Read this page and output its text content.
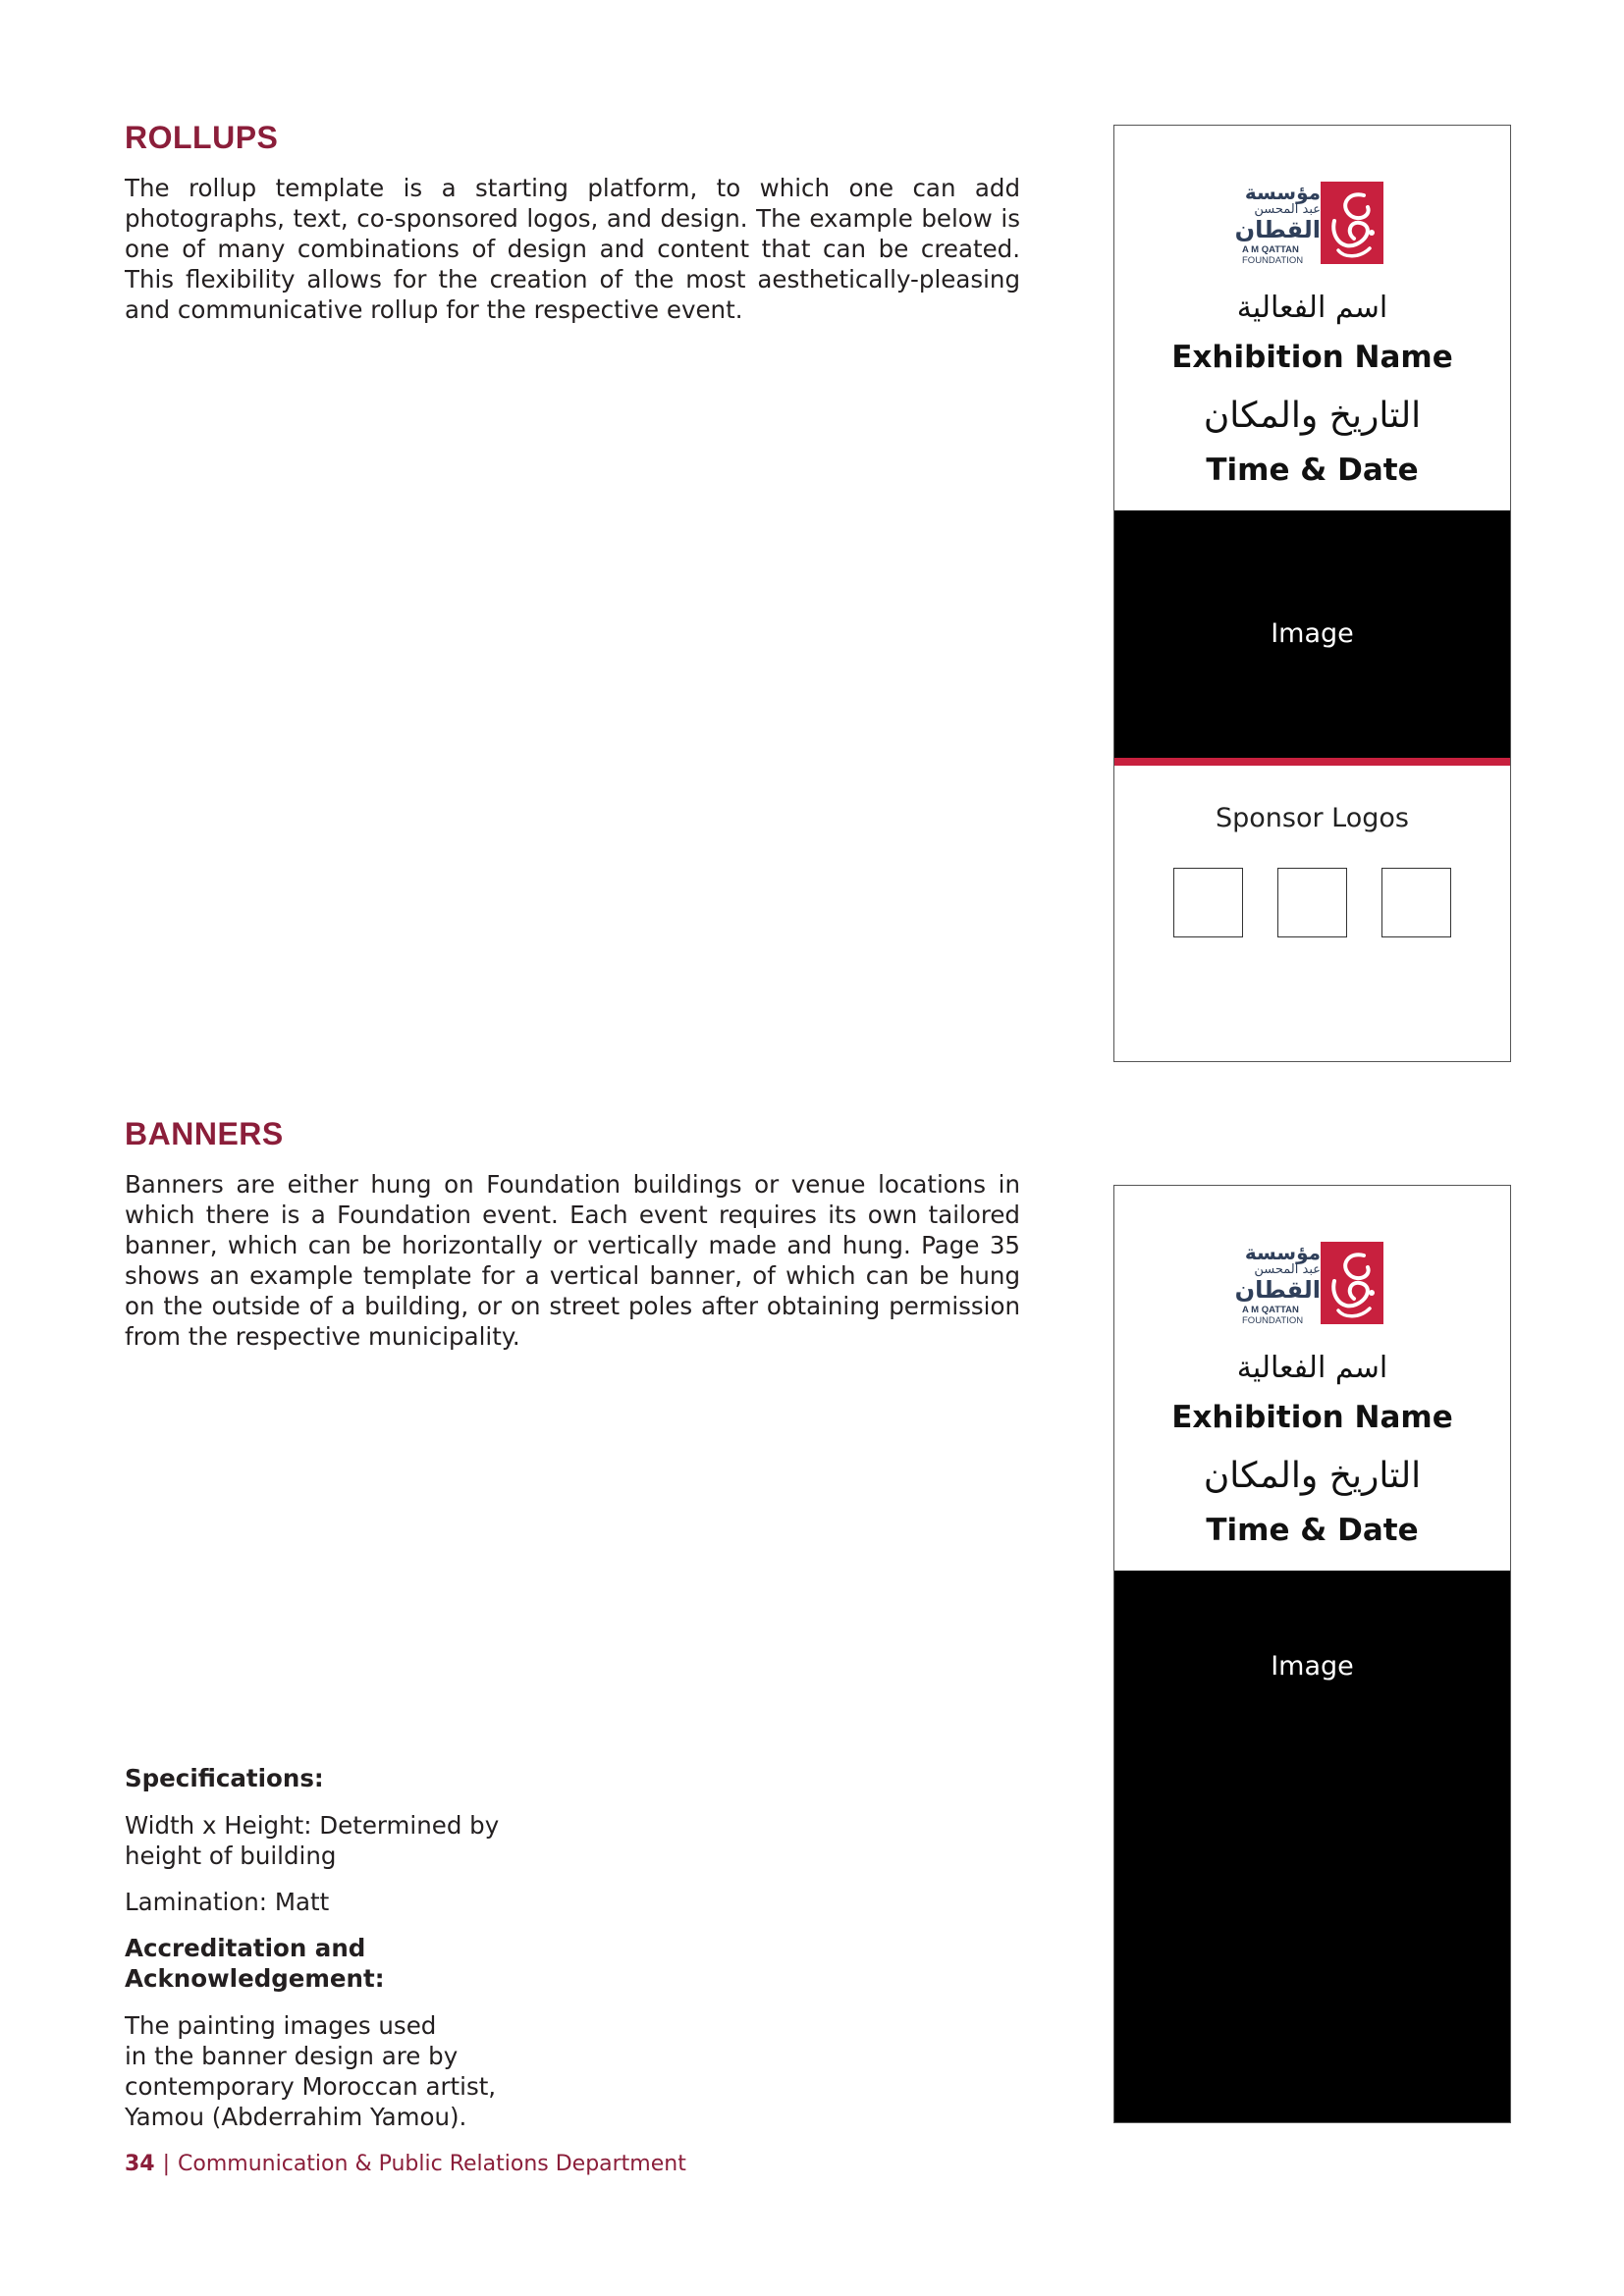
ROLLUPS

The rollup template is a starting platform, to which one can add photographs, text, co-sponsored logos, and design. The example below is one of many combinations of design and content that can be created. This flexibility allows for the creation of the most aesthetically-pleasing and communicative rollup for the respective event.

مؤسسة
عبد المحسن
القطان
A M QATTAN
FOUNDATION
اسم الفعالية
Exhibition Name
التاريخ والمكان
Time & Date
Image
Sponsor Logos
BANNERS

Banners are either hung on Foundation buildings or venue locations in which there is a Foundation event. Each event requires its own tailored banner, which can be horizontally or vertically made and hung. Page 35 shows an example template for a vertical banner, of which can be hung on the outside of a building, or on street poles after obtaining permission from the respective municipality.

مؤسسة
عبد المحسن
القطان
A M QATTAN
FOUNDATION
اسم الفعالية
Exhibition Name
التاريخ والمكان
Time & Date
Image
Specifications:
Width x Height: Determined by
height of building
Lamination: Matt
Accreditation and
Acknowledgement:
The painting images used
in the banner design are by
contemporary Moroccan artist,
Yamou (Abderrahim Yamou).
34 | Communication & Public Relations Department
